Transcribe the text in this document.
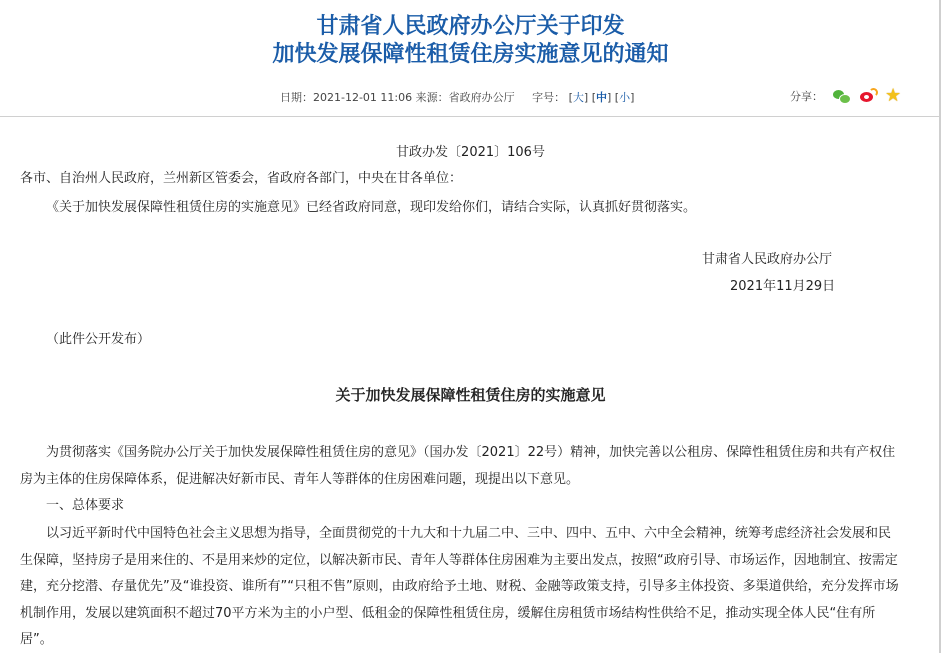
甘肃省人民政府办公厅关于印发
加快发展保障性租赁住房实施意见的通知
日期：2021-12-01 11:06 来源：省政府办公厅 字号： [大] [中] [小]	分享：	★
甘政办发〔2021〕106号
各市、自治州人民政府，兰州新区管委会，省政府各部门，中央在甘各单位：
《关于加快发展保障性租赁住房的实施意见》已经省政府同意，现印发给你们，请结合实际，认真抓好贯彻落实。
甘肃省人民政府办公厅
2021年11月29日
（此件公开发布）
关于加快发展保障性租赁住房的实施意见
为贯彻落实《国务院办公厅关于加快发展保障性租赁住房的意见》（国办发〔2021〕22号）精神，加快完善以公租房、保障性租赁住房和共有产权住房为主体的住房保障体系，促进解决好新市民、青年人等群体的住房困难问题，现提出以下意见。
一、总体要求
以习近平新时代中国特色社会主义思想为指导，全面贯彻党的十九大和十九届二中、三中、四中、五中、六中全会精神，统筹考虑经济社会发展和民生保障，坚持房子是用来住的、不是用来炒的定位，以解决新市民、青年人等群体住房困难为主要出发点，按照“政府引导、市场运作，因地制宜、按需定建，充分挖潜、存量优先”及“谁投资、谁所有”“只租不售”原则，由政府给予土地、财税、金融等政策支持，引导多主体投资、多渠道供给，充分发挥市场机制作用，发展以建筑面积不超过70平方米为主的小户型、低租金的保障性租赁住房，缓解住房租赁市场结构性供给不足，推动实现全体人民“住有所居”。
